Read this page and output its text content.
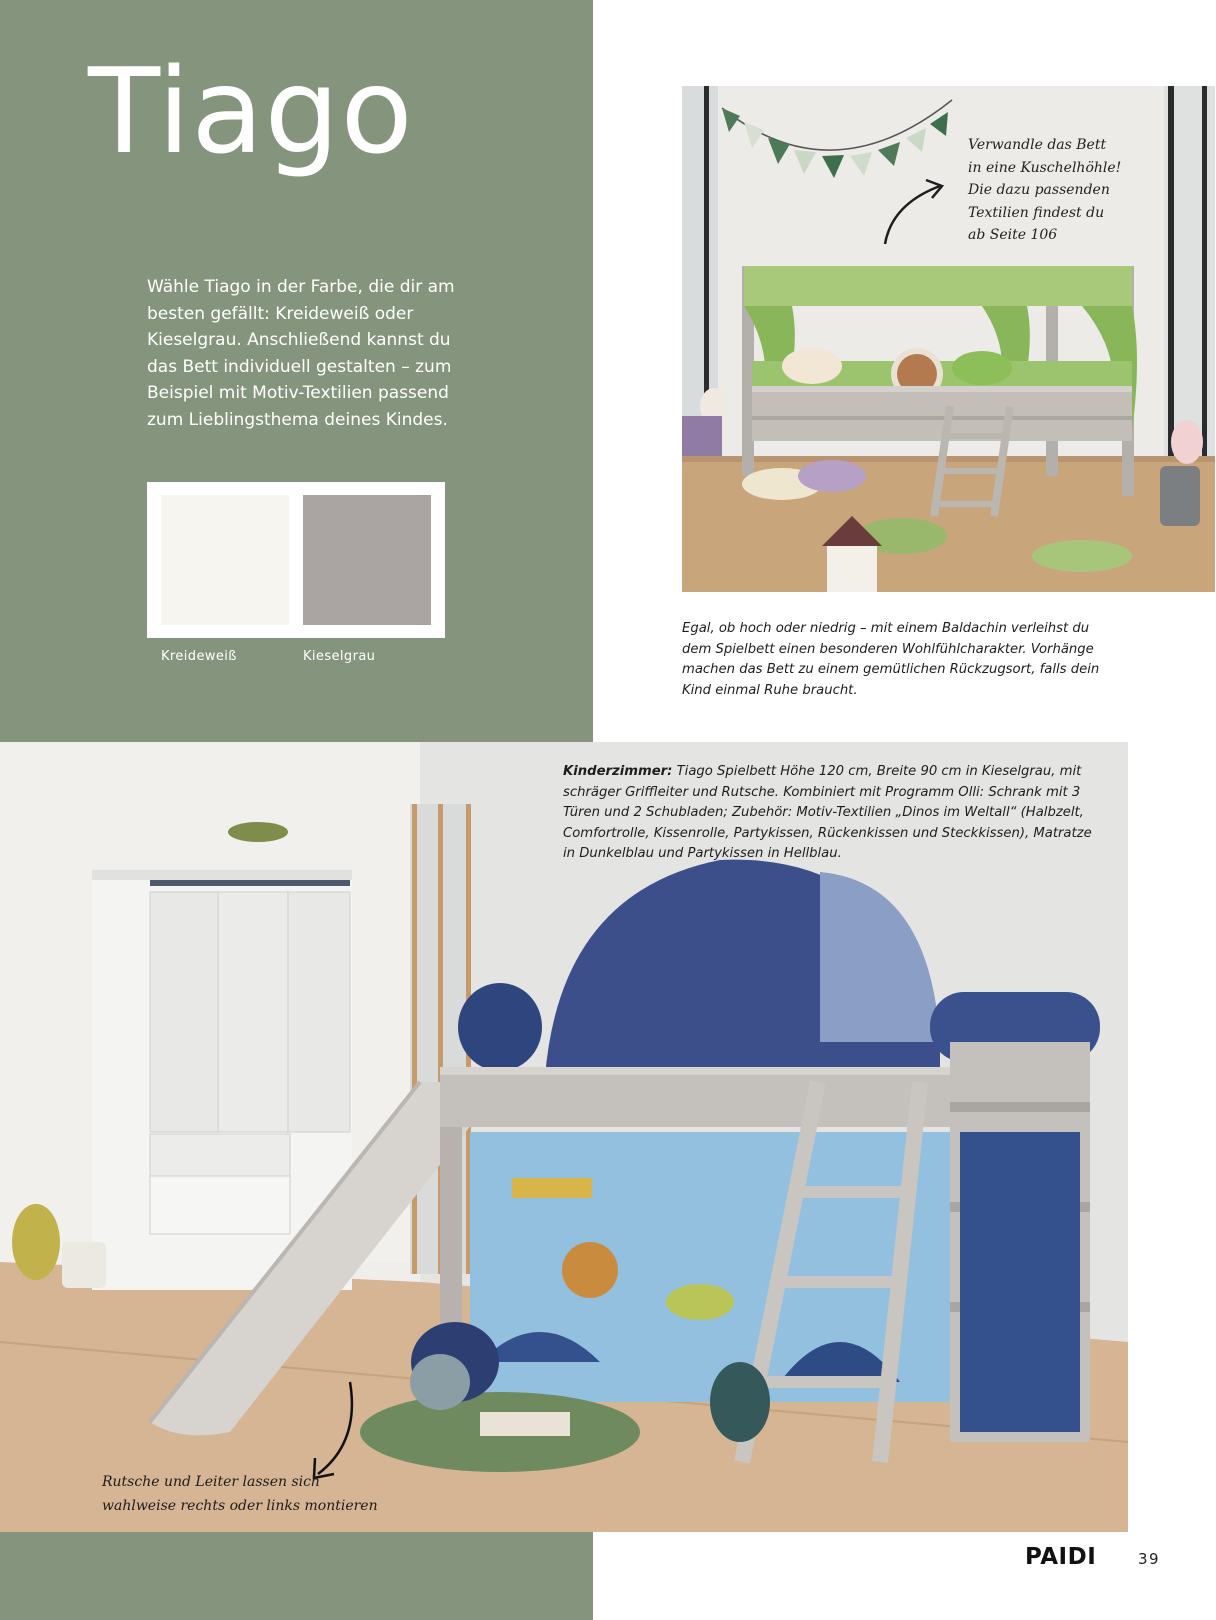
Tiago

Wähle Tiago in der Farbe, die dir am besten gefällt: Kreideweiß oder Kieselgrau. Anschließend kannst du das Bett individuell gestalten – zum Beispiel mit Motiv-Textilien passend zum Lieblingsthema deines Kindes.

Kreideweiß	Kieselgrau
Verwandle das Bett
in eine Kuschelhöhle!
Die dazu passenden
Textilien findest du
ab Seite 106

Egal, ob hoch oder niedrig – mit einem Baldachin verleihst du dem Spielbett einen besonderen Wohlfühlcharakter. Vorhänge machen das Bett zu einem gemütlichen Rückzugsort, falls dein Kind einmal Ruhe braucht.

Kinderzimmer: Tiago Spielbett Höhe 120 cm, Breite 90 cm in Kieselgrau, mit schräger Griffleiter und Rutsche. Kombiniert mit Programm Olli: Schrank mit 3 Türen und 2 Schubladen; Zubehör: Motiv-Textilien „Dinos im Weltall“ (Halbzelt, Comfortrolle, Kissenrolle, Partykissen, Rückenkissen und Steckkissen), Matratze in Dunkelblau und Partykissen in Hellblau.

Rutsche und Leiter lassen sich
wahlweise rechts oder links montieren
PAIDI	39
